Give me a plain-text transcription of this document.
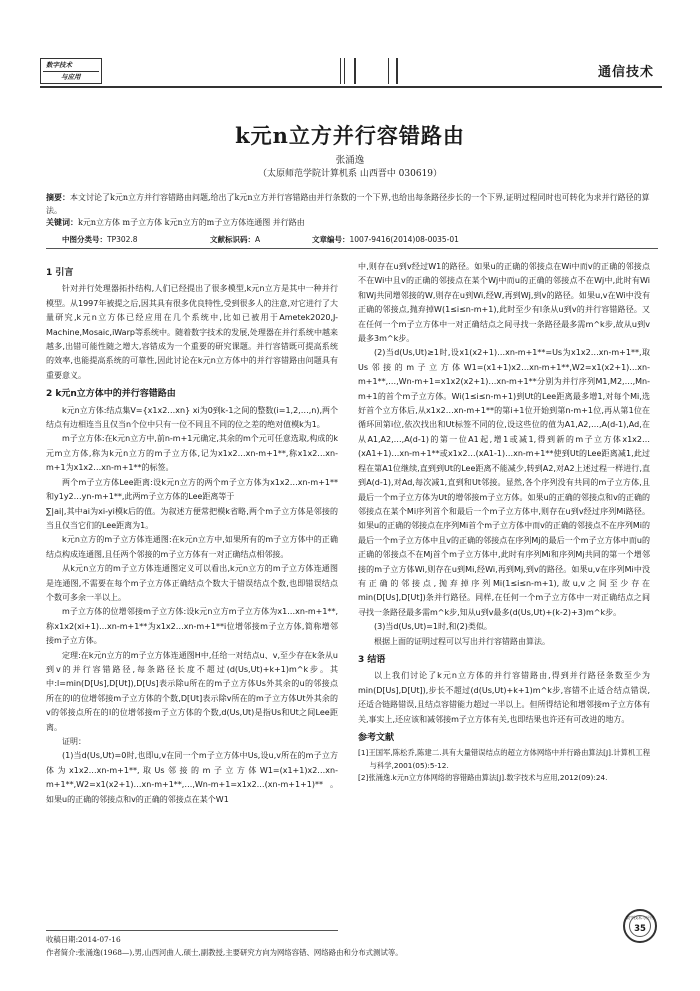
数字技术
与应用	通信技术
k元n立方并行容错路由
张涌逸
（太原师范学院计算机系 山西晋中 030619）
摘要：本文讨论了k元n立方并行容错路由问题,给出了k元n立方并行容错路由并行条数的一个下界,也给出每条路径步长的一个下界,证明过程同时也可转化为求并行路径的算法。
关键词：k元n立方体 m子立方体 k元n立方的m子立方体连通图 并行路由
中图分类号：TP302.8	文献标识码：A	文章编号：1007-9416(2014)08-0035-01
1 引言

针对并行处理器拓扑结构,人们已经提出了很多模型,k元n立方是其中一种并行模型。从1997年被提之后,因其具有很多优良特性,受到很多人的注意,对它进行了大量研究,k元n立方体已经应用在几个系统中,比如已被用于Ametek2020,J-Machine,Mosaic,iWarp等系统中。随着数字技术的发展,处理器在并行系统中越来越多,出错可能性随之增大,容错成为一个重要的研究课题。并行容错既可提高系统的效率,也能提高系统的可靠性,因此讨论在k元n立方体中的并行容错路由问题具有重要意义。

2 k元n立方体中的并行容错路由

k元n立方体:结点集V={x1x2…xn} xi为0到k-1之间的整数(i=1,2,…,n),两个结点有边相连当且仅当n个位中只有一位不同且不同的位之差的绝对值模k为1。

m子立方体:在k元n立方中,前n-m+1元确定,其余的m个元可任意选取,构成的k元m立方体,称为k元n立方的m子立方体,记为x1x2…xn-m+1**,称x1x2…xn-m+1为x1x2…xn-m+1**的标签。

两个m子立方体Lee距离:设k元n立方的两个m子立方体为x1x2…xn-m+1**和y1y2…yn-m+1**,此两m子立方体的Lee距离等于

∑|ai|,其中ai为xi-yi模k后的值。为叙述方便常把模k省略,两个m子立方体是邻接的当且仅当它们的Lee距离为1。

k元n立方的m子立方体连通图:在k元n立方中,如果所有的m子立方体中的正确结点构成连通图,且任两个邻接的m子立方体有一对正确结点相邻接。

从k元n立方的m子立方体连通图定义可以看出,k元n立方的m子立方体连通图是连通图,不需要在每个m子立方体正确结点个数大于错误结点个数,也即错误结点个数可多余一半以上。

m子立方体的位增邻接m子立方体:设k元n立方m子立方体为x1…xn-m+1**,称x1x2(xi+1)…xn-m+1**为x1x2…xn-m+1**i位增邻接m子立方体,简称增邻接m子立方体。

定理:在k元n立方的m子立方体连通图H中,任给一对结点u、v,至少存在k条从u到v的并行容错路径,每条路径长度不超过(d(Us,Ut)+k+1)m^k步。其中:l=min(D[Us],D[Ut]),D[Us]表示除u所在的m子立方体Us外其余的u的邻接点所在的l的位增邻接m子立方体的个数,D[Ut]表示除v所在的m子立方体Ut外其余的v的邻接点所在的l的位增邻接m子立方体的个数,d(Us,Ut)是指Us和Ut之间Lee距离。

证明：

(1)当d(Us,Ut)=0时,也即u,v在同一个m子立方体中Us,设u,v所在的m子立方体为x1x2…xn-m+1**,取Us邻接的m子立方体W1=(x1+1)x2…xn-m+1**,W2=x1(x2+1)…xn-m+1**,…,Wn-m+1=x1x2…(xn-m+1+1)**。如果u的正确的邻接点和v的正确的邻接点在某个W1

中,则存在u到v经过W1的路径。如果u的正确的邻接点在Wi中而v的正确的邻接点不在Wi中且v的正确的邻接点在某个Wj中而u的正确的邻接点不在Wj中,此时有Wi和Wj共同增邻接的W,则存在u到Wi,经W,再到Wj,到v的路径。如果u,v在Wi中没有正确的邻接点,抛弃掉W(1≤i≤n-m+1),此时至少有l条从u到v的并行容错路径。又在任何一个m子立方体中一对正确结点之间寻找一条路径最多需m^k步,故从u到v最多3m^k步。

(2)当d(Us,Ut)≥1时,设x1(x2+1)…xn-m+1**=Us为x1x2…xn-m+1**,取Us邻接的m子立方体W1=(x1+1)x2…xn-m+1**,W2=x1(x2+1)…xn-m+1**,…,Wn-m+1=x1x2(x2+1)…xn-m+1**分别为并行序列M1,M2,…,Mn-m+1的首个m子立方体。Wi(1≤i≤n-m+1)到Ut的Lee距离最多增1,对每个Mi,选好首个立方体后,从x1x2…xn-m+1**的第i+1位开始到第n-m+1位,再从第1位在循环回第i位,依次找出和Ut标签不同的位,设这些位的值为A1,A2,…,A(d-1),Ad,在从A1,A2,…,A(d-1)的第一位A1起,增1或减1,得到新的m子立方体x1x2…(xA1+1)…xn-m+1**或x1x2…(xA1-1)…xn-m+1**使到Ut的Lee距离减1,此过程在第A1位继续,直到到Ut的Lee距离不能减少,转到A2,对A2上述过程一样进行,直到A(d-1),对Ad,每次减1,直到和Ut邻接。显然,各个序列没有共同的m子立方体,且最后一个m子立方体为Ut的增邻接m子立方体。如果u的正确的邻接点和v的正确的邻接点在某个Mi序列首个和最后一个m子立方体中,则存在u到v经过序列Mi路径。如果u的正确的邻接点在序列Mi首个m子立方体中而v的正确的邻接点不在序列Mi的最后一个m子立方体中且v的正确的邻接点在序列Mj的最后一个m子立方体中而u的正确的邻接点不在Mj首个m子立方体中,此时有序列Mi和序列Mj共同的第一个增邻接的m子立方体Wi,则存在u到Mi,经Wi,再到Mj,到v的路径。如果u,v在序列Mi中没有正确的邻接点,抛弃掉序列Mi(1≤i≤n-m+1),故u,v之间至少存在min(D[Us],D[Ut])条并行路径。同样,在任何一个m子立方体中一对正确结点之间寻找一条路径最多需m^k步,知从u到v最多(d(Us,Ut)+(k-2)+3)m^k步。

(3)当d(Us,Ut)=1时,和(2)类似。

根据上面的证明过程可以写出并行容错路由算法。

3 结语

以上我们讨论了k元n立方体的并行容错路由,得到并行路径条数至少为min(D[Us],D[Ut]),步长不超过(d(Us,Ut)+k+1)m^k步,容错不止适合结点错误,还适合链路错误,且结点容错能力超过一半以上。但所得结论和增邻接m子立方体有关,事实上,还应该和减邻接m子立方体有关,也即结果也许还有可改进的地方。

参考文献

[1]王国军,陈松乔,陈建二.具有大量错误结点的超立方体网络中并行路由算法[J].计算机工程与科学,2001(05):5-12.

[2]张涌逸.k元n立方体网络的容错路由算法[J].数字技术与应用,2012(09):24.

收稿日期:2014-07-16
作者简介:张涌逸(1968—),男,山西河曲人,硕士,副教授,主要研究方向为网络容错、网络路由和分布式测试等。
数字技术与应用
35
